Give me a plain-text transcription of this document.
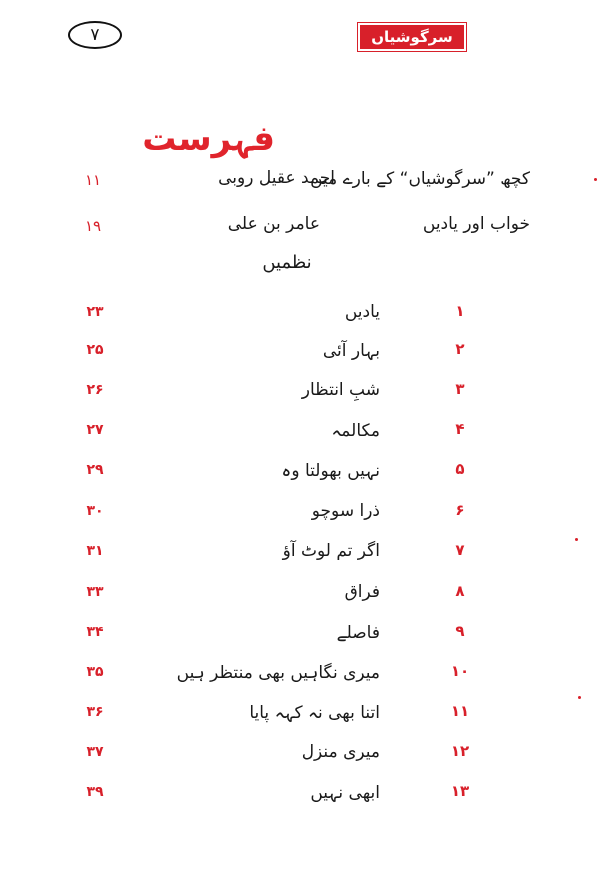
۷	سرگوشیاں
فہرست
کچھ ”سرگوشیاں“ کے بارے میں
احمد عقیل روبی
۱۱
خواب اور یادیں
عامر بن علی
۱۹
نظمیں
۱
یادیں
۲۳
۲
بہار آئی
۲۵
۳
شبِ انتظار
۲۶
۴
مکالمہ
۲۷
۵
نہیں بھولتا وہ
۲۹
۶
ذرا سوچو
۳۰
۷
اگر تم لوٹ آؤ
۳۱
۸
فراق
۳۳
۹
فاصلے
۳۴
۱۰
میری نگاہیں بھی منتظر ہیں
۳۵
۱۱
اتنا بھی نہ کہہ پایا
۳۶
۱۲
میری منزل
۳۷
۱۳
ابھی نہیں
۳۹
